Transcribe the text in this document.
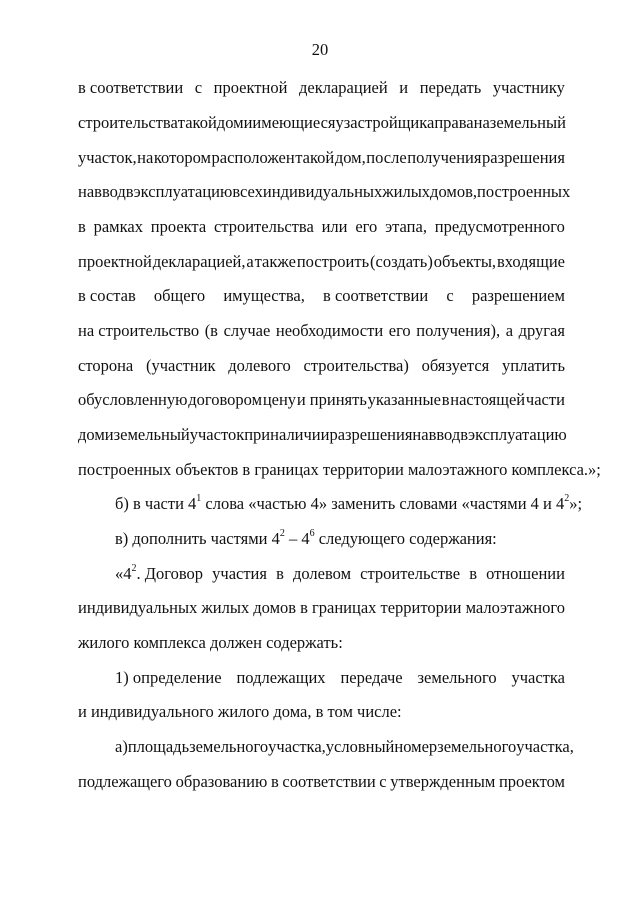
20
в соответствии с проектной декларацией и передать участнику
строительства такой дом и имеющиеся у застройщика права на земельный
участок, на котором расположен такой дом, после получения разрешения
на ввод в эксплуатацию всех индивидуальных жилых домов, построенных
в рамках проекта строительства или его этапа, предусмотренного
проектной декларацией, а также построить (создать) объекты, входящие
в состав общего имущества, в соответствии с разрешением
на строительство (в случае необходимости его получения), а другая
сторона (участник долевого строительства) обязуется уплатить
обусловленную договором цену и принять указанные в настоящей части
дом и земельный участок при наличии разрешения на ввод в эксплуатацию
построенных объектов в границах территории малоэтажного комплекса.»;
б) в части $4^1$ слова «частью 4» заменить словами «частями 4 и $4^2$»;
в) дополнить частями $4^2 - 4^6$ следующего содержания:
«$4^2$. Договор участия в долевом строительстве в отношении
индивидуальных жилых домов в границах территории малоэтажного
жилого комплекса должен содержать:
1) определение подлежащих передаче земельного участка
и индивидуального жилого дома, в том числе:
а) площадь земельного участка, условный номер земельного участка,
подлежащего образованию в соответствии с утвержденным проектом
